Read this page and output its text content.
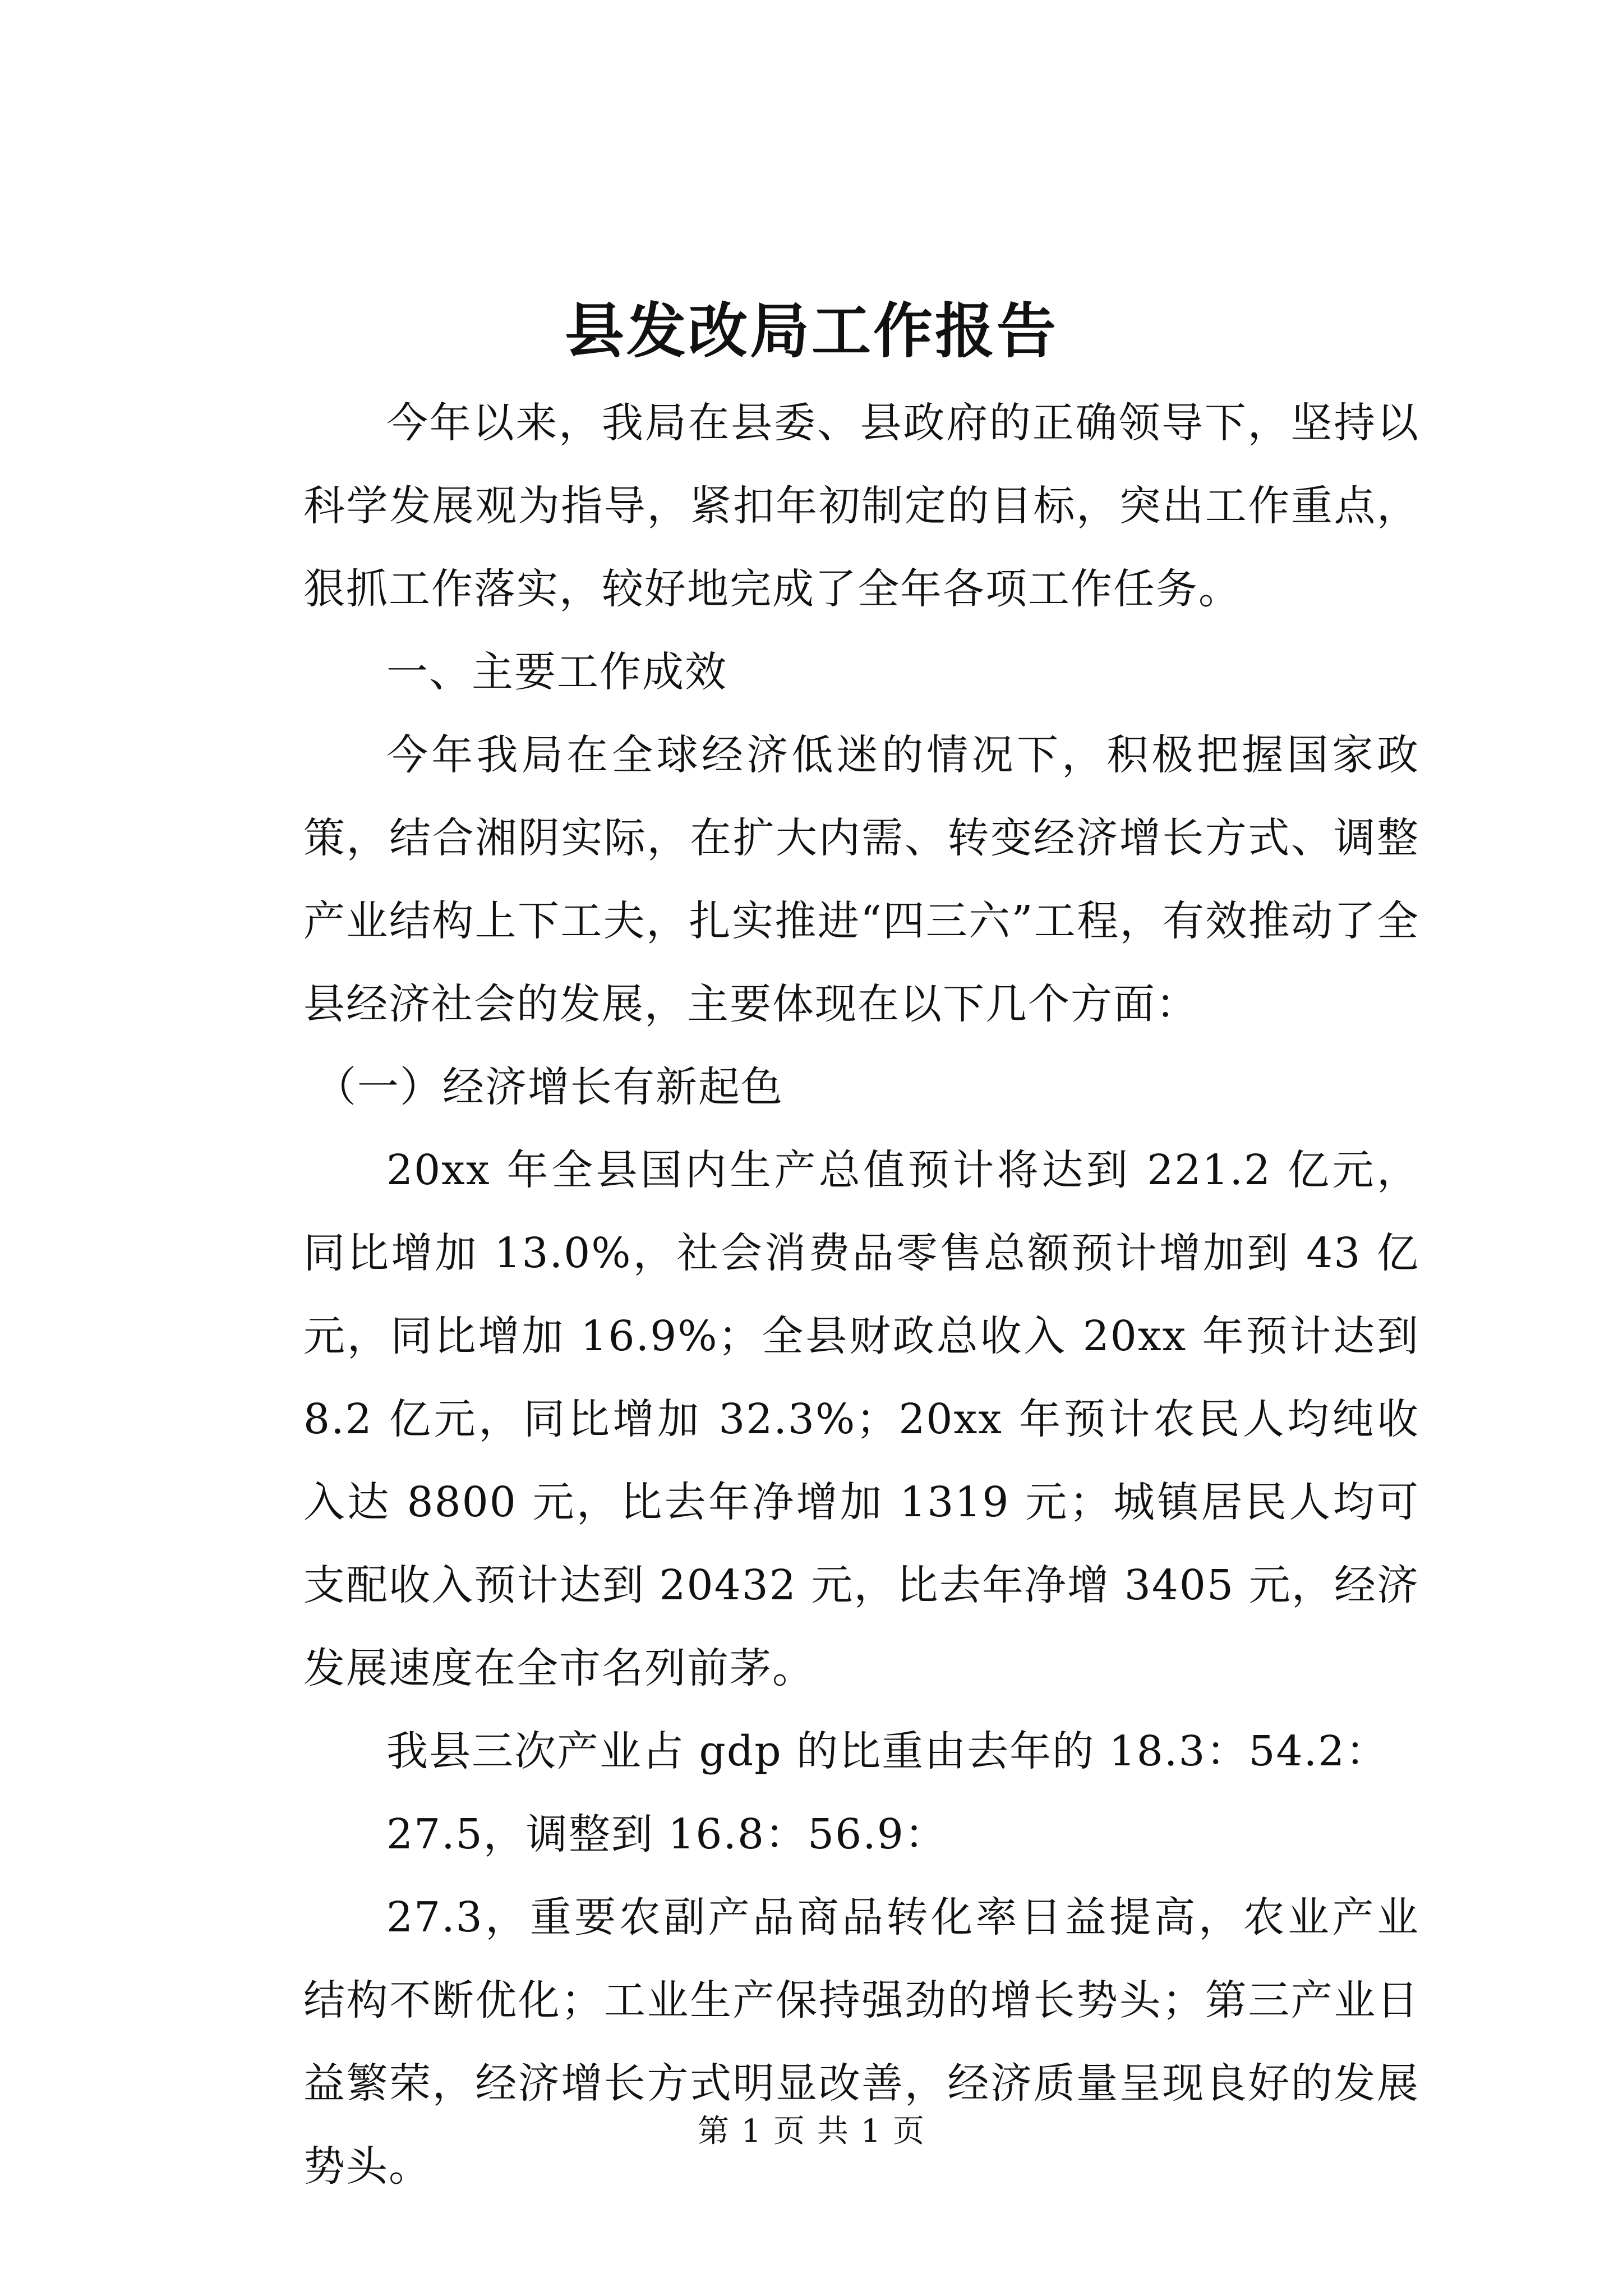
县发改局工作报告

今年以来，我局在县委、县政府的正确领导下，坚持以科学发展观为指导，紧扣年初制定的目标，突出工作重点，狠抓工作落实，较好地完成了全年各项工作任务。

一、主要工作成效

今年我局在全球经济低迷的情况下，积极把握国家政策，结合湘阴实际，在扩大内需、转变经济增长方式、调整产业结构上下工夫，扎实推进“四三六”工程，有效推动了全县经济社会的发展，主要体现在以下几个方面：

（一）经济增长有新起色

20xx 年全县国内生产总值预计将达到 221.2 亿元，同比增加 13.0%，社会消费品零售总额预计增加到 43 亿元，同比增加 16.9%；全县财政总收入 20xx 年预计达到 8.2 亿元，同比增加 32.3%；20xx 年预计农民人均纯收入达 8800 元，比去年净增加 1319 元；城镇居民人均可支配收入预计达到 20432 元，比去年净增 3405 元，经济发展速度在全市名列前茅。

我县三次产业占 gdp 的比重由去年的 18.3：54.2：

27.5，调整到 16.8：56.9：

27.3，重要农副产品商品转化率日益提高，农业产业结构不断优化；工业生产保持强劲的增长势头；第三产业日益繁荣，经济增长方式明显改善，经济质量呈现良好的发展势头。

第 1 页 共 1 页
